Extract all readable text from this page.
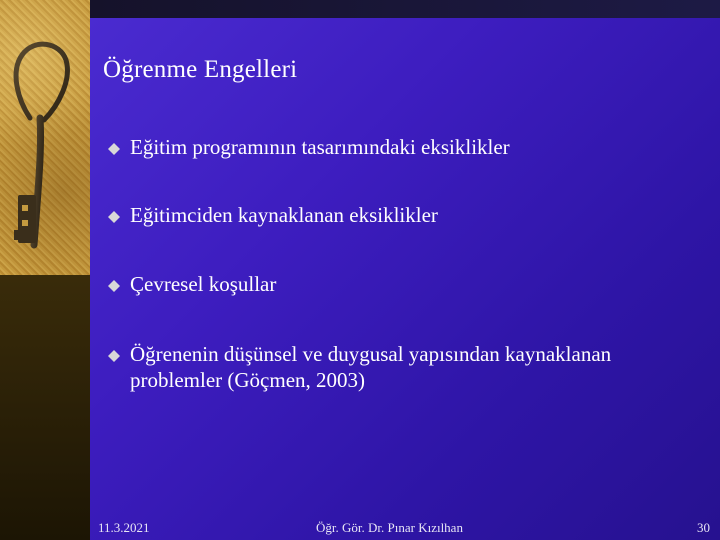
Öğrenme Engelleri
Eğitim programının tasarımındaki eksiklikler
Eğitimciden kaynaklanan eksiklikler
Çevresel koşullar
Öğrenenin düşünsel ve duygusal yapısından kaynaklanan problemler (Göçmen, 2003)
11.3.2021	Öğr. Gör. Dr. Pınar Kızılhan	30
